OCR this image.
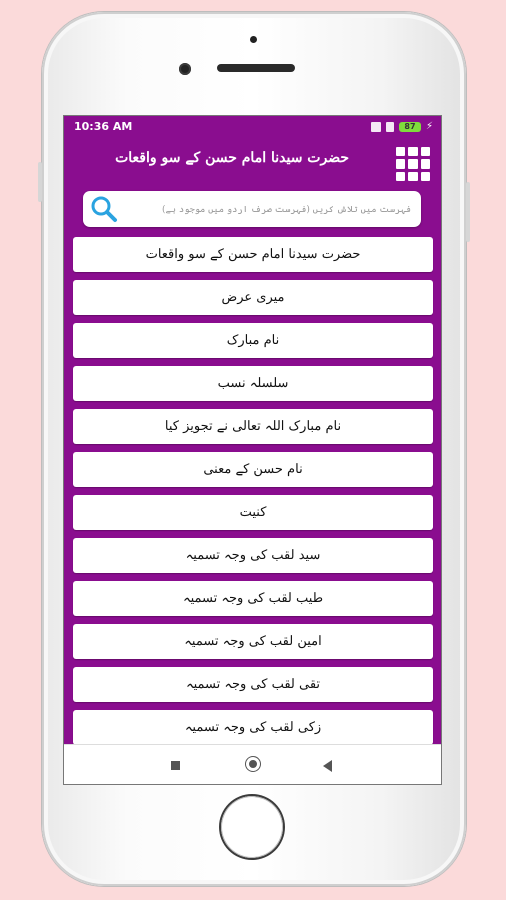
10:36 AM	87	⚡
حضرت سیدنا امام حسن کے سو واقعات
فہرست میں تلاش کریں (فہرست صرف اردو میں موجود ہے)
حضرت سیدنا امام حسن کے سو واقعات
میری عرض
نام مبارک
سلسلہ نسب
نام مبارک اللہ تعالی نے تجویز کیا
نام حسن کے معنی
کنیت
سید لقب کی وجہ تسمیہ
طیب لقب کی وجہ تسمیہ
امین لقب کی وجہ تسمیہ
تقی لقب کی وجہ تسمیہ
زکی لقب کی وجہ تسمیہ
